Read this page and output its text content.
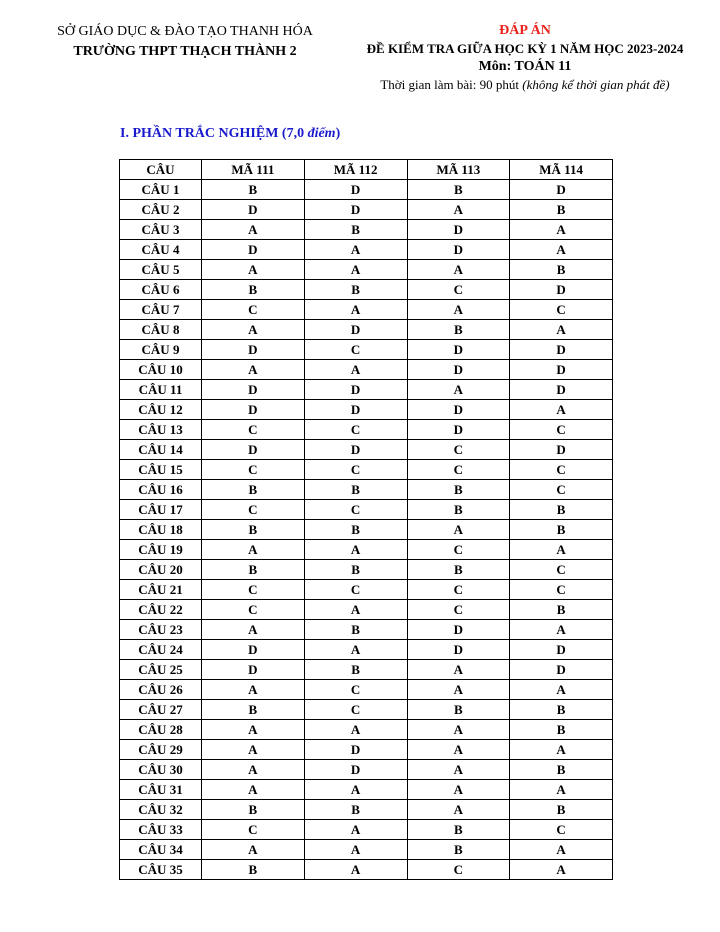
SỞ GIÁO DỤC & ĐÀO TẠO THANH HÓA
TRƯỜNG THPT THẠCH THÀNH 2
ĐÁP ÁN
ĐỀ KIỂM TRA GIỮA HỌC KỲ 1 NĂM HỌC 2023-2024
Môn: TOÁN 11
Thời gian làm bài: 90 phút (không kể thời gian phát đề)
I. PHẦN TRẮC NGHIỆM (7,0 điểm)
CÂU	MÃ 111	MÃ 112	MÃ 113	MÃ 114
CÂU 1	B	D	B	D
CÂU 2	D	D	A	B
CÂU 3	A	B	D	A
CÂU 4	D	A	D	A
CÂU 5	A	A	A	B
CÂU 6	B	B	C	D
CÂU 7	C	A	A	C
CÂU 8	A	D	B	A
CÂU 9	D	C	D	D
CÂU 10	A	A	D	D
CÂU 11	D	D	A	D
CÂU 12	D	D	D	A
CÂU 13	C	C	D	C
CÂU 14	D	D	C	D
CÂU 15	C	C	C	C
CÂU 16	B	B	B	C
CÂU 17	C	C	B	B
CÂU 18	B	B	A	B
CÂU 19	A	A	C	A
CÂU 20	B	B	B	C
CÂU 21	C	C	C	C
CÂU 22	C	A	C	B
CÂU 23	A	B	D	A
CÂU 24	D	A	D	D
CÂU 25	D	B	A	D
CÂU 26	A	C	A	A
CÂU 27	B	C	B	B
CÂU 28	A	A	A	B
CÂU 29	A	D	A	A
CÂU 30	A	D	A	B
CÂU 31	A	A	A	A
CÂU 32	B	B	A	B
CÂU 33	C	A	B	C
CÂU 34	A	A	B	A
CÂU 35	B	A	C	A
